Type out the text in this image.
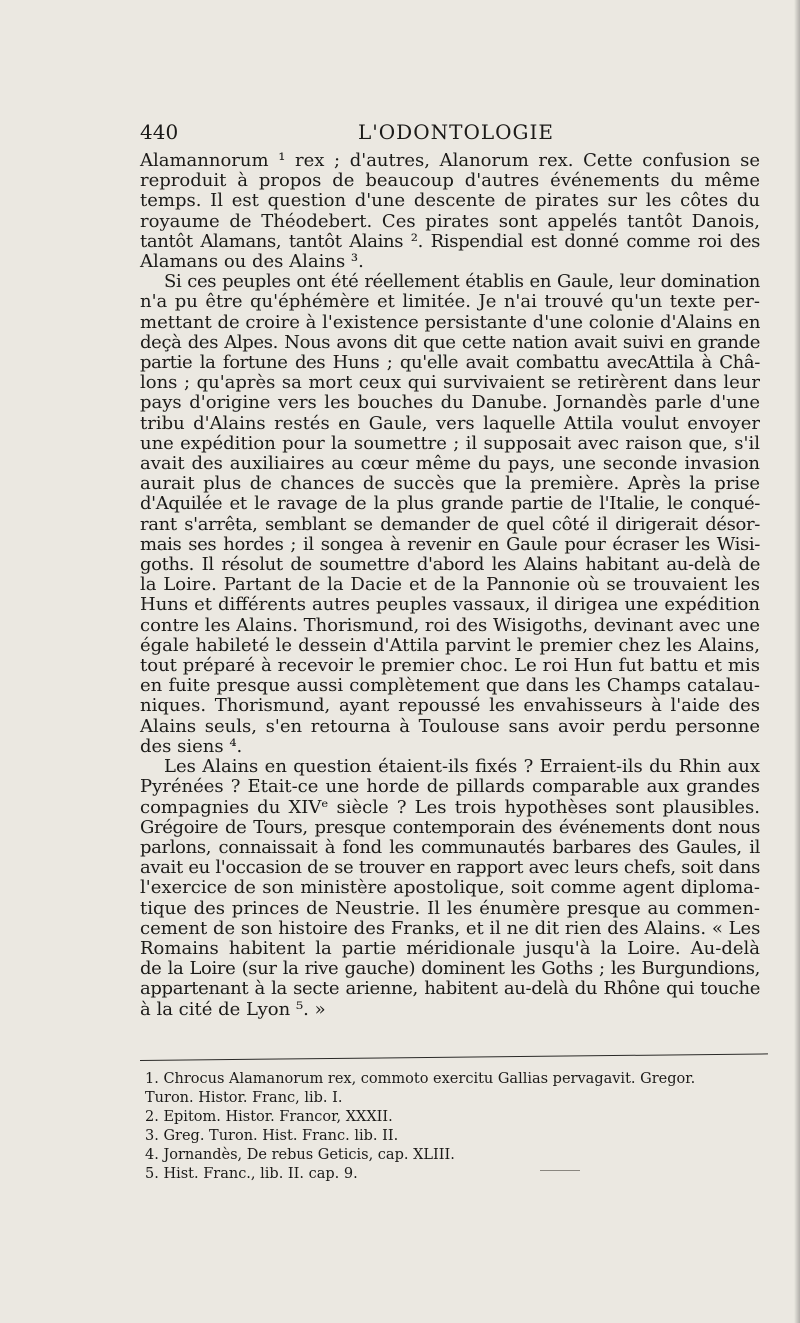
440	L'ODONTOLOGIE
Alamannorum ¹ rex ; d'autres, Alanorum rex. Cette confusion se
reproduit à propos de beaucoup d'autres événements du même
temps. Il est question d'une descente de pirates sur les côtes du
royaume de Théodebert. Ces pirates sont appelés tantôt Danois,
tantôt Alamans, tantôt Alains ². Rispendial est donné comme roi des
Alamans ou des Alains ³.
Si ces peuples ont été réellement établis en Gaule, leur domination
n'a pu être qu'éphémère et limitée. Je n'ai trouvé qu'un texte per-
mettant de croire à l'existence persistante d'une colonie d'Alains en
deçà des Alpes. Nous avons dit que cette nation avait suivi en grande
partie la fortune des Huns ; qu'elle avait combattu avecAttila à Châ-
lons ; qu'après sa mort ceux qui survivaient se retirèrent dans leur
pays d'origine vers les bouches du Danube. Jornandès parle d'une
tribu d'Alains restés en Gaule, vers laquelle Attila voulut envoyer
une expédition pour la soumettre ; il supposait avec raison que, s'il
avait des auxiliaires au cœur même du pays, une seconde invasion
aurait plus de chances de succès que la première. Après la prise
d'Aquilée et le ravage de la plus grande partie de l'Italie, le conqué-
rant s'arrêta, semblant se demander de quel côté il dirigerait désor-
mais ses hordes ; il songea à revenir en Gaule pour écraser les Wisi-
goths. Il résolut de soumettre d'abord les Alains habitant au-delà de
la Loire. Partant de la Dacie et de la Pannonie où se trouvaient les
Huns et différents autres peuples vassaux, il dirigea une expédition
contre les Alains. Thorismund, roi des Wisigoths, devinant avec une
égale habileté le dessein d'Attila parvint le premier chez les Alains,
tout préparé à recevoir le premier choc. Le roi Hun fut battu et mis
en fuite presque aussi complètement que dans les Champs catalau-
niques. Thorismund, ayant repoussé les envahisseurs à l'aide des
Alains seuls, s'en retourna à Toulouse sans avoir perdu personne
des siens ⁴.
Les Alains en question étaient-ils fixés ? Erraient-ils du Rhin aux
Pyrénées ? Etait-ce une horde de pillards comparable aux grandes
compagnies du XIVᵉ siècle ? Les trois hypothèses sont plausibles.
Grégoire de Tours, presque contemporain des événements dont nous
parlons, connaissait à fond les communautés barbares des Gaules, il
avait eu l'occasion de se trouver en rapport avec leurs chefs, soit dans
l'exercice de son ministère apostolique, soit comme agent diploma-
tique des princes de Neustrie. Il les énumère presque au commen-
cement de son histoire des Franks, et il ne dit rien des Alains. « Les
Romains habitent la partie méridionale jusqu'à la Loire. Au-delà
de la Loire (sur la rive gauche) dominent les Goths ; les Burgundions,
appartenant à la secte arienne, habitent au-delà du Rhône qui touche
à la cité de Lyon ⁵. »
1. Chrocus Alamanorum rex, commoto exercitu Gallias pervagavit. Gregor.
Turon. Histor. Franc, lib. I.
2. Epitom. Histor. Francor, XXXII.
3. Greg. Turon. Hist. Franc. lib. II.
4. Jornandès, De rebus Geticis, cap. XLIII.
5. Hist. Franc., lib. II. cap. 9.
